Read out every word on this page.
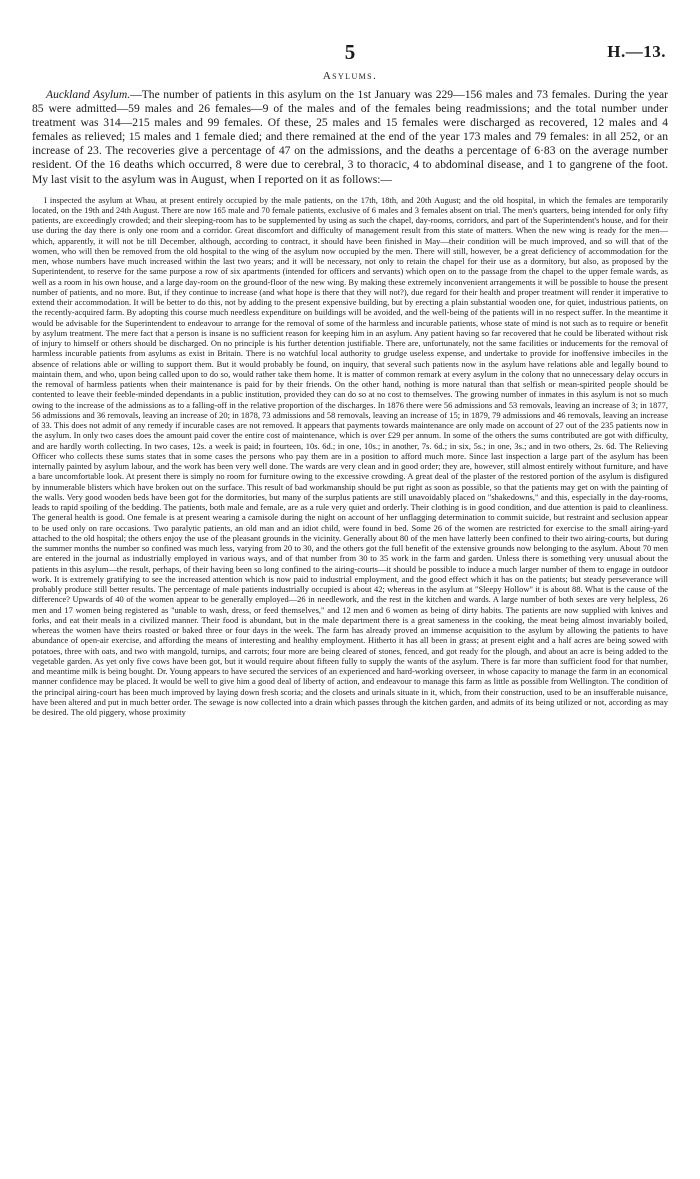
5	H.—13.
Asylums.

Auckland Asylum.—The number of patients in this asylum on the 1st January was 229—156 males and 73 females. During the year 85 were admitted—59 males and 26 females—9 of the males and of the females being readmissions; and the total number under treatment was 314—215 males and 99 females. Of these, 25 males and 15 females were discharged as recovered, 12 males and 4 females as relieved; 15 males and 1 female died; and there remained at the end of the year 173 males and 79 females: in all 252, or an increase of 23. The recoveries give a percentage of 47 on the admissions, and the deaths a percentage of 6·83 on the average number resident. Of the 16 deaths which occurred, 8 were due to cerebral, 3 to thoracic, 4 to abdominal disease, and 1 to gangrene of the foot. My last visit to the asylum was in August, when I reported on it as follows:—

I inspected the asylum at Whau, at present entirely occupied by the male patients, on the 17th, 18th, and 20th August; and the old hospital, in which the females are temporarily located, on the 19th and 24th August. There are now 165 male and 70 female patients, exclusive of 6 males and 3 females absent on trial. The men's quarters, being intended for only fifty patients, are exceedingly crowded; and their sleeping-room has to be supplemented by using as such the chapel, day-rooms, corridors, and part of the Superintendent's house, and for their use during the day there is only one room and a corridor. Great discomfort and difficulty of management result from this state of matters. When the new wing is ready for the men—which, apparently, it will not be till December, although, according to contract, it should have been finished in May—their condition will be much improved, and so will that of the women, who will then be removed from the old hospital to the wing of the asylum now occupied by the men. There will still, however, be a great deficiency of accommodation for the men, whose numbers have much increased within the last two years; and it will be necessary, not only to retain the chapel for their use as a dormitory, but also, as proposed by the Superintendent, to reserve for the same purpose a row of six apartments (intended for officers and servants) which open on to the passage from the chapel to the upper female wards, as well as a room in his own house, and a large day-room on the ground-floor of the new wing. By making these extremely inconvenient arrangements it will be possible to house the present number of patients, and no more. But, if they continue to increase (and what hope is there that they will not?), due regard for their health and proper treatment will render it imperative to extend their accommodation. It will be better to do this, not by adding to the present expensive building, but by erecting a plain substantial wooden one, for quiet, industrious patients, on the recently-acquired farm. By adopting this course much needless expenditure on buildings will be avoided, and the well-being of the patients will in no respect suffer. In the meantime it would be advisable for the Superintendent to endeavour to arrange for the removal of some of the harmless and incurable patients, whose state of mind is not such as to require or benefit by asylum treatment. The mere fact that a person is insane is no sufficient reason for keeping him in an asylum. Any patient having so far recovered that he could be liberated without risk of injury to himself or others should be discharged. On no principle is his further detention justifiable. There are, unfortunately, not the same facilities or inducements for the removal of harmless incurable patients from asylums as exist in Britain. There is no watchful local authority to grudge useless expense, and undertake to provide for inoffensive imbeciles in the absence of relations able or willing to support them. But it would probably be found, on inquiry, that several such patients now in the asylum have relations able and legally bound to maintain them, and who, upon being called upon to do so, would rather take them home. It is matter of common remark at every asylum in the colony that no unnecessary delay occurs in the removal of harmless patients when their maintenance is paid for by their friends. On the other hand, nothing is more natural than that selfish or mean-spirited people should be contented to leave their feeble-minded dependants in a public institution, provided they can do so at no cost to themselves. The growing number of inmates in this asylum is not so much owing to the increase of the admissions as to a falling-off in the relative proportion of the discharges. In 1876 there were 56 admissions and 53 removals, leaving an increase of 3; in 1877, 56 admissions and 36 removals, leaving an increase of 20; in 1878, 73 admissions and 58 removals, leaving an increase of 15; in 1879, 79 admissions and 46 removals, leaving an increase of 33. This does not admit of any remedy if incurable cases are not removed. It appears that payments towards maintenance are only made on account of 27 out of the 235 patients now in the asylum. In only two cases does the amount paid cover the entire cost of maintenance, which is over £29 per annum. In some of the others the sums contributed are got with difficulty, and are hardly worth collecting. In two cases, 12s. a week is paid; in fourteen, 10s. 6d.; in one, 10s.; in another, 7s. 6d.; in six, 5s.; in one, 3s.; and in two others, 2s. 6d. The Relieving Officer who collects these sums states that in some cases the persons who pay them are in a position to afford much more. Since last inspection a large part of the asylum has been internally painted by asylum labour, and the work has been very well done. The wards are very clean and in good order; they are, however, still almost entirely without furniture, and have a bare uncomfortable look. At present there is simply no room for furniture owing to the excessive crowding. A great deal of the plaster of the restored portion of the asylum is disfigured by innumerable blisters which have broken out on the surface. This result of bad workmanship should be put right as soon as possible, so that the patients may get on with the painting of the walls. Very good wooden beds have been got for the dormitories, but many of the surplus patients are still unavoidably placed on "shakedowns," and this, especially in the day-rooms, leads to rapid spoiling of the bedding. The patients, both male and female, are as a rule very quiet and orderly. Their clothing is in good condition, and due attention is paid to cleanliness. The general health is good. One female is at present wearing a camisole during the night on account of her unflagging determination to commit suicide, but restraint and seclusion appear to be used only on rare occasions. Two paralytic patients, an old man and an idiot child, were found in bed. Some 26 of the women are restricted for exercise to the small airing-yard attached to the old hospital; the others enjoy the use of the pleasant grounds in the vicinity. Generally about 80 of the men have latterly been confined to their two airing-courts, but during the summer months the number so confined was much less, varying from 20 to 30, and the others got the full benefit of the extensive grounds now belonging to the asylum. About 70 men are entered in the journal as industrially employed in various ways, and of that number from 30 to 35 work in the farm and garden. Unless there is something very unusual about the patients in this asylum—the result, perhaps, of their having been so long confined to the airing-courts—it should be possible to induce a much larger number of them to engage in outdoor work. It is extremely gratifying to see the increased attention which is now paid to industrial employment, and the good effect which it has on the patients; but steady perseverance will probably produce still better results. The percentage of male patients industrially occupied is about 42; whereas in the asylum at "Sleepy Hollow" it is about 88. What is the cause of the difference? Upwards of 40 of the women appear to be generally employed—26 in needlework, and the rest in the kitchen and wards. A large number of both sexes are very helpless, 26 men and 17 women being registered as "unable to wash, dress, or feed themselves," and 12 men and 6 women as being of dirty habits. The patients are now supplied with knives and forks, and eat their meals in a civilized manner. Their food is abundant, but in the male department there is a great sameness in the cooking, the meat being almost invariably boiled, whereas the women have theirs roasted or baked three or four days in the week. The farm has already proved an immense acquisition to the asylum by allowing the patients to have abundance of open-air exercise, and affording the means of interesting and healthy employment. Hitherto it has all been in grass; at present eight and a half acres are being sowed with potatoes, three with oats, and two with mangold, turnips, and carrots; four more are being cleared of stones, fenced, and got ready for the plough, and about an acre is being added to the vegetable garden. As yet only five cows have been got, but it would require about fifteen fully to supply the wants of the asylum. There is far more than sufficient food for that number, and meantime milk is being bought. Dr. Young appears to have secured the services of an experienced and hard-working overseer, in whose capacity to manage the farm in an economical manner confidence may be placed. It would be well to give him a good deal of liberty of action, and endeavour to manage this farm as little as possible from Wellington. The condition of the principal airing-court has been much improved by laying down fresh scoria; and the closets and urinals situate in it, which, from their construction, used to be an insufferable nuisance, have been altered and put in much better order. The sewage is now collected into a drain which passes through the kitchen garden, and admits of its being utilized or not, according as may be desired. The old piggery, whose proximity
